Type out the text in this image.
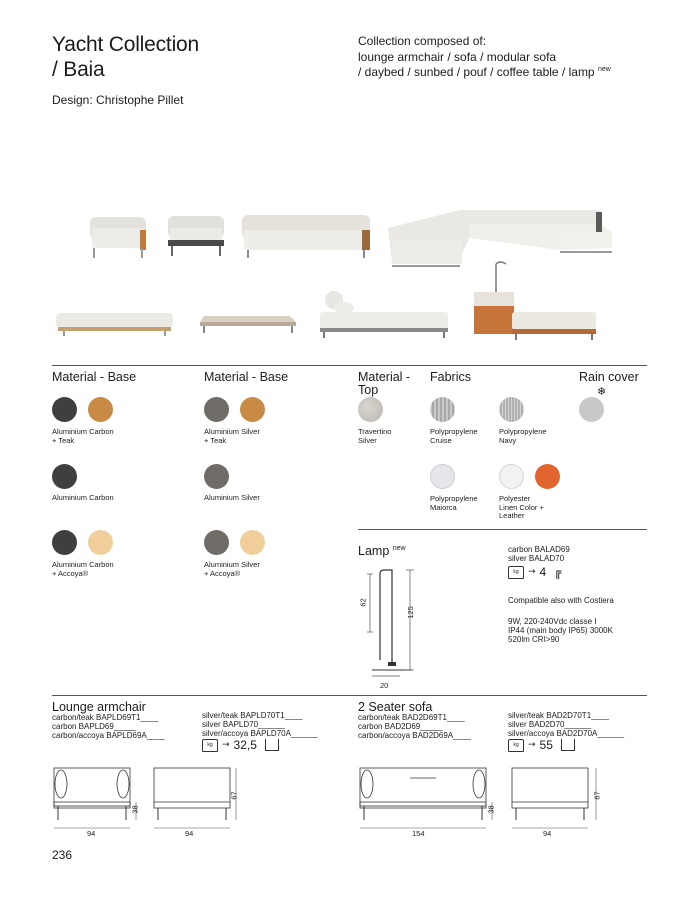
Yacht Collection
/ Baia
Design: Christophe Pillet
Collection composed of:
lounge armchair / sofa / modular sofa
/ daybed / sunbed / pouf / coffee table / lamp $^{new}$
Material - Base	Material - Base	Material - Top
Fabrics	Rain cover
Aluminium Carbon
+ Teak
Aluminium Carbon
Aluminium Carbon
+ Accoya®
Aluminium Silver
+ Teak
Aluminium Silver
Aluminium Silver
+ Accoya®
Travertino
Silver
Polypropylene
Cruise
Polypropylene
Navy
Polypropylene
Maiorca
Polyester
Linen Color +
Leather
❄
Lamp $^{new}$
125
62
20
carbon BALAD69
silver BALAD70
kg	→ 4 ╔
Compatible also with Costiera
9W, 220-240Vdc classe I
IP44 (main body IP65) 3000K
520lm CRI>90
Lounge armchair
carbon/teak BAPLD69T1____
carbon BAPLD69_____
carbon/accoya BAPLD69A____
silver/teak BAPLD70T1____
silver BAPLD70______
silver/accoya BAPLD70A______
kg	→ 32,5
94
38
94
67
2 Seater sofa
carbon/teak BAD2D69T1____
carbon BAD2D69_____
carbon/accoya BAD2D69A____
silver/teak BAD2D70T1____
silver BAD2D70______
silver/accoya BAD2D70A______
kg	→ 55
154
38
94
67
236
